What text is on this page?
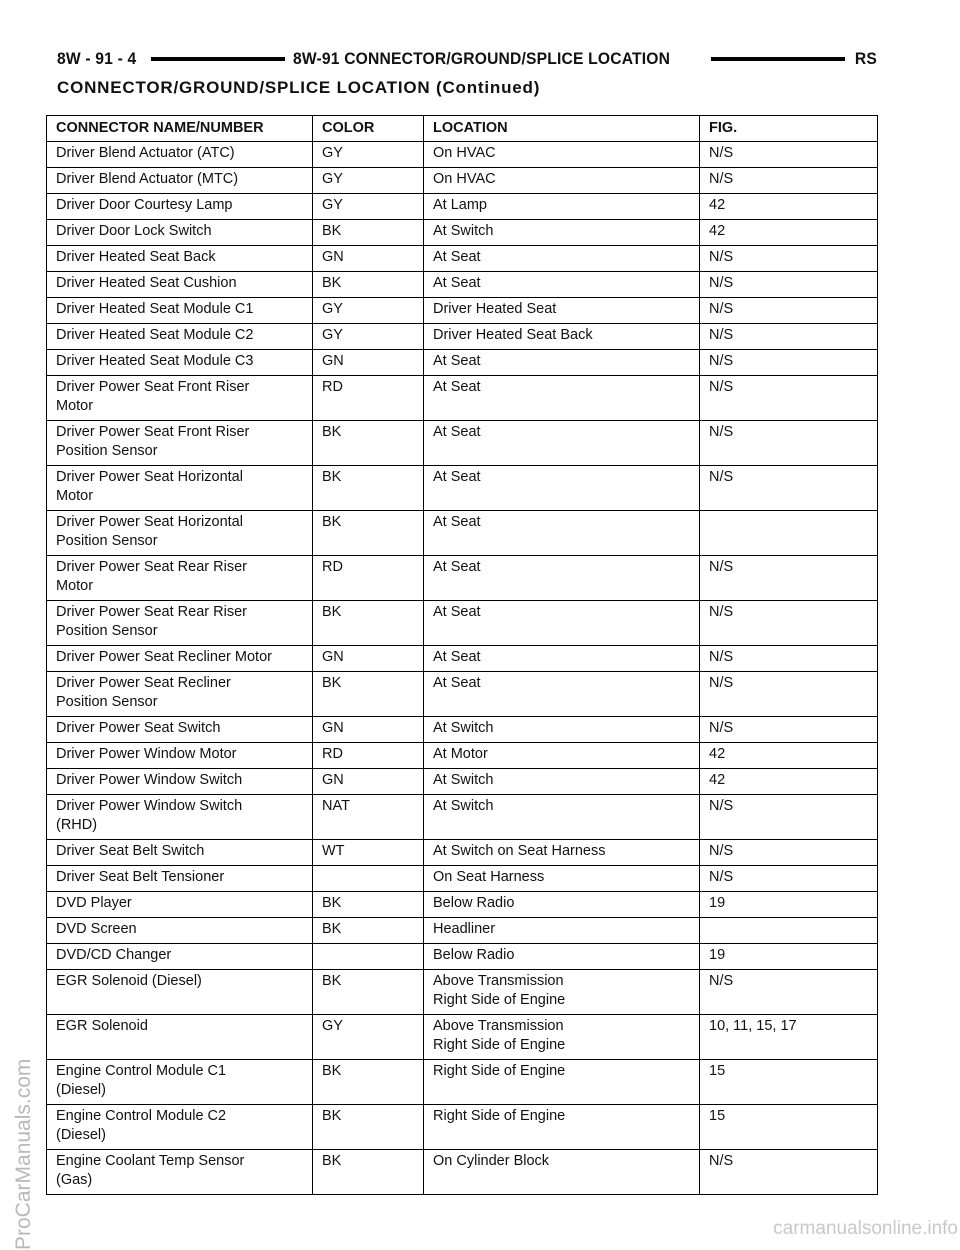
8W - 91 - 4	8W-91 CONNECTOR/GROUND/SPLICE LOCATION	RS
CONNECTOR/GROUND/SPLICE LOCATION (Continued)
CONNECTOR NAME/NUMBER	COLOR	LOCATION	FIG.
Driver Blend Actuator (ATC)	GY	On HVAC	N/S
Driver Blend Actuator (MTC)	GY	On HVAC	N/S
Driver Door Courtesy Lamp	GY	At Lamp	42
Driver Door Lock Switch	BK	At Switch	42
Driver Heated Seat Back	GN	At Seat	N/S
Driver Heated Seat Cushion	BK	At Seat	N/S
Driver Heated Seat Module C1	GY	Driver Heated Seat	N/S
Driver Heated Seat Module C2	GY	Driver Heated Seat Back	N/S
Driver Heated Seat Module C3	GN	At Seat	N/S
Driver Power Seat Front Riser
Motor	RD	At Seat	N/S
Driver Power Seat Front Riser
Position Sensor	BK	At Seat	N/S
Driver Power Seat Horizontal
Motor	BK	At Seat	N/S
Driver Power Seat Horizontal
Position Sensor	BK	At Seat	
Driver Power Seat Rear Riser
Motor	RD	At Seat	N/S
Driver Power Seat Rear Riser
Position Sensor	BK	At Seat	N/S
Driver Power Seat Recliner Motor	GN	At Seat	N/S
Driver Power Seat Recliner
Position Sensor	BK	At Seat	N/S
Driver Power Seat Switch	GN	At Switch	N/S
Driver Power Window Motor	RD	At Motor	42
Driver Power Window Switch	GN	At Switch	42
Driver Power Window Switch
(RHD)	NAT	At Switch	N/S
Driver Seat Belt Switch	WT	At Switch on Seat Harness	N/S
Driver Seat Belt Tensioner		On Seat Harness	N/S
DVD Player	BK	Below Radio	19
DVD Screen	BK	Headliner	
DVD/CD Changer		Below Radio	19
EGR Solenoid (Diesel)	BK	Above Transmission
Right Side of Engine	N/S
EGR Solenoid	GY	Above Transmission
Right Side of Engine	10, 11, 15, 17
Engine Control Module C1
(Diesel)	BK	Right Side of Engine	15
Engine Control Module C2
(Diesel)	BK	Right Side of Engine	15
Engine Coolant Temp Sensor
(Gas)	BK	On Cylinder Block	N/S
ProCarManuals.com	carmanualsonline.info
